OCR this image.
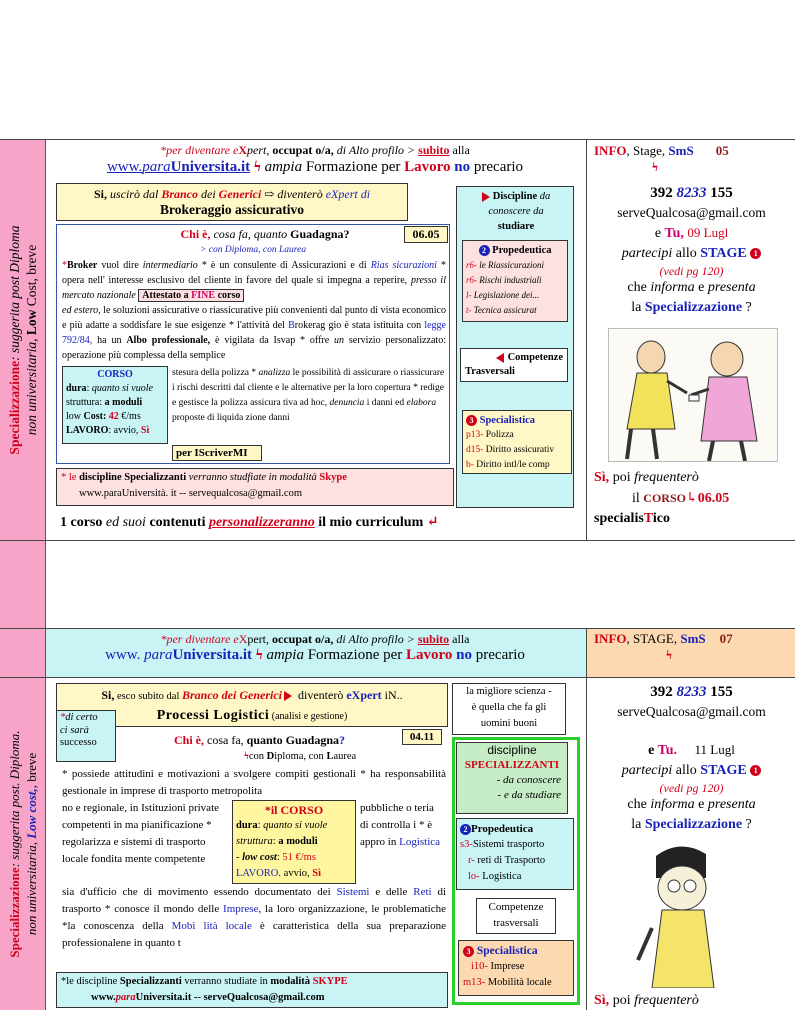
Specializzazione: suggerita post Diploma
non universitaria, Low Cost, breve
*per diventare eXpert, occupat o/a, di Alto profilo > subito alla
www.paraUniversita.it ϟ ampia Formazione per Lavoro no precario
Si, uscirò dal Branco dei Generici ⇨ diventerò eXpert di
Brokeraggio assicurativo
Chi è, cosa fa, quanto Guadagna?	06.05
> con Diploma, con Laurea
*Broker vuol dire intermediario * è un consulente di Assicurazioni e di Rias sicurazioni * opera nell' interesse esclusivo del cliente in favore del quale si impegna a reperire, presso il mercato nazionale Attestato a FINE corso
ed estero, le soluzioni assicurative o riassicurative più convenienti dal punto di vista economico e più adatte a soddisfare le sue esigenze * l'attività del Brokerag gio è stata istituita con legge 792/84, ha un Albo professionale, è vigilata da Isvap * offre un servizio personalizzato: operazione più complessa della semplice
CORSO
dura: quanto si vuole
struttura: a moduli
low Cost: 42 €/ms
LAVORO: avvio, Sì
stesura della polizza * analizza le possibilità di assicurare o riassicurare i rischi descritti dal cliente e le alternative per la loro copertura * redige e gestisce la polizza assicura tiva ad hoc, denuncia i danni ed elabora proposte di liquida zione danni
per IScriverMI
* le discipline Specializzanti verranno studfiate in modalità Skype
www.paraUniversità. it -- servequalcosa@gmail.com
1 corso ed suoi contenuti personalizzeranno il mio curriculum ↵
Discipline da conoscere da
studiare
2 Propedeutica
r6- le Riassicurazioni
r6- Rischi industriali
l- Legislazione dei...
t- Tecnica assicurat
Competenze
Trasversali
3 Specialistica
p13- Polizza
d15- Diritto assicurativ
b- Diritto intl/le comp
INFO, Stage, SmS 05
ϟ
392 8233 155
serveQualcosa@gmail.com
e Tu, 09 Lugl
partecipi allo STAGE 1
(vedi pg 120)
che informa e presenta
la Specializzazione ?
Sì, poi frequenterò
il CORSO↳06.05
specialisTico
Specializzazione: suggerita post. Diploma.
non universitaria, Low cost,, breve
*per diventare eXpert, occupat o/a, di Alto profilo > subito alla
www. paraUniversita.it ϟ ampia Formazione per Lavoro no precario
INFO, STAGE, SmS 07
ϟ
Si, esco subito dal Branco dei Generici diventerò eXpert iN..
Processi Logistici (analisi e gestione)
*di certo
ci sarà
successo
la migliore scienza -
è quella che fa gli
uomini buoni
Chi è, cosa fa, quanto Guadagna?	04.11
ϟcon Diploma, con Laurea
* possiede attitudini e motivazioni a svolgere compiti gestionali * ha responsabilità gestionale in imprese di trasporto metropolita
no e regionale, in Istituzioni private competenti in ma pianificazione * regolarizza e sistemi di trasporto locale fondita mente competente
*il CORSO
dura: quanto si vuole
struttura: a moduli
- low cost: 51 €/ms
LAVORO. avvio, Sì
pubbliche o teria di controlla i * è appro in Logistica
sia d'ufficio che di movimento essendo documentato dei Sistemi e delle Reti di trasporto * conosce il mondo delle Imprese, la loro organizzazione, le problematiche *la conoscenza della Mobi lità locale è caratteristica della sua preparazione professionalene in quanto t
*le discipline Specializzanti verranno studiate in modalità SKYPE
www.paraUniversita.it -- serveQualcosa@gmail.com
discipline
SPECIALIZZANTI
- da conoscere
- e da studiare
2 Propedeutica
s3-Sistemi trasporto
r- reti di Trasporto
lo- Logistica
Competenze
trasversali
3 Specialistica
i10- Imprese
m13- Mobilità locale
392 8233 155
serveQualcosa@gmail.com
e Tu. 11 Lugl
partecipi allo STAGE 1
(vedi pg 120)
che informa e presenta
la Specializzazione ?
Sì, poi frequenterò
